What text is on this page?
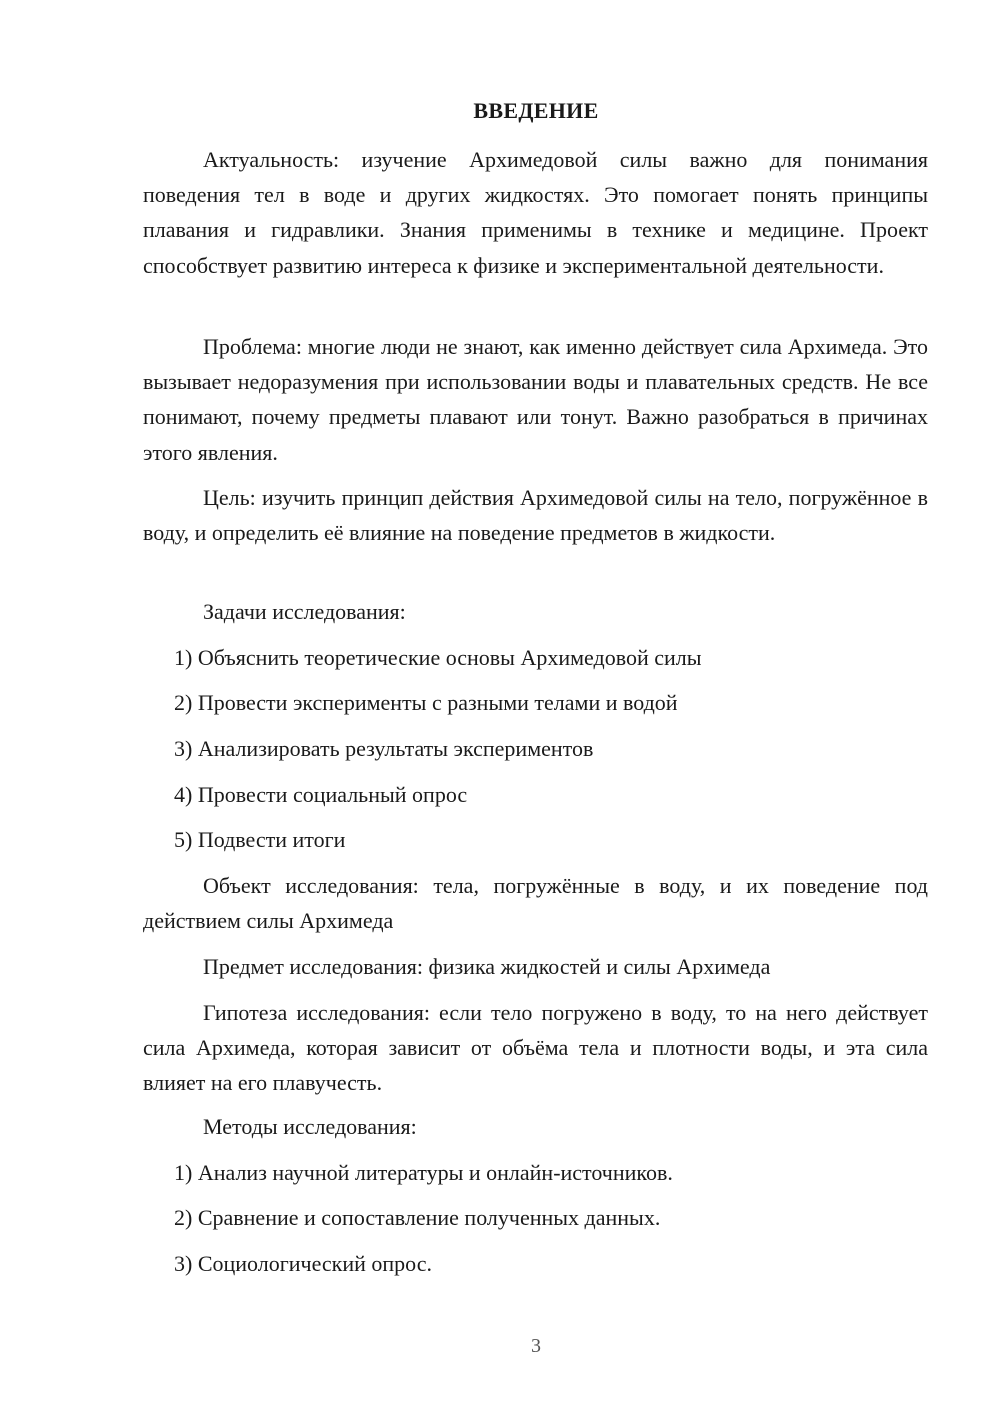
ВВЕДЕНИЕ

Актуальность: изучение Архимедовой силы важно для понимания поведения тел в воде и других жидкостях. Это помогает понять принципы плавания и гидравлики. Знания применимы в технике и медицине. Проект способствует развитию интереса к физике и экспериментальной деятельности.

Проблема: многие люди не знают, как именно действует сила Архимеда. Это вызывает недоразумения при использовании воды и плавательных средств. Не все понимают, почему предметы плавают или тонут. Важно разобраться в причинах этого явления.

Цель: изучить принцип действия Архимедовой силы на тело, погружённое в воду, и определить её влияние на поведение предметов в жидкости.

Задачи исследования:
1) Объяснить теоретические основы Архимедовой силы
2) Провести эксперименты с разными телами и водой
3) Анализировать результаты экспериментов
4) Провести социальный опрос
5) Подвести итоги

Объект исследования: тела, погружённые в воду, и их поведение под действием силы Архимеда

Предмет исследования: физика жидкостей и силы Архимеда

Гипотеза исследования: если тело погружено в воду, то на него действует сила Архимеда, которая зависит от объёма тела и плотности воды, и эта сила влияет на его плавучесть.

Методы исследования:
1) Анализ научной литературы и онлайн-источников.
2) Сравнение и сопоставление полученных данных.
3) Социологический опрос.
3
